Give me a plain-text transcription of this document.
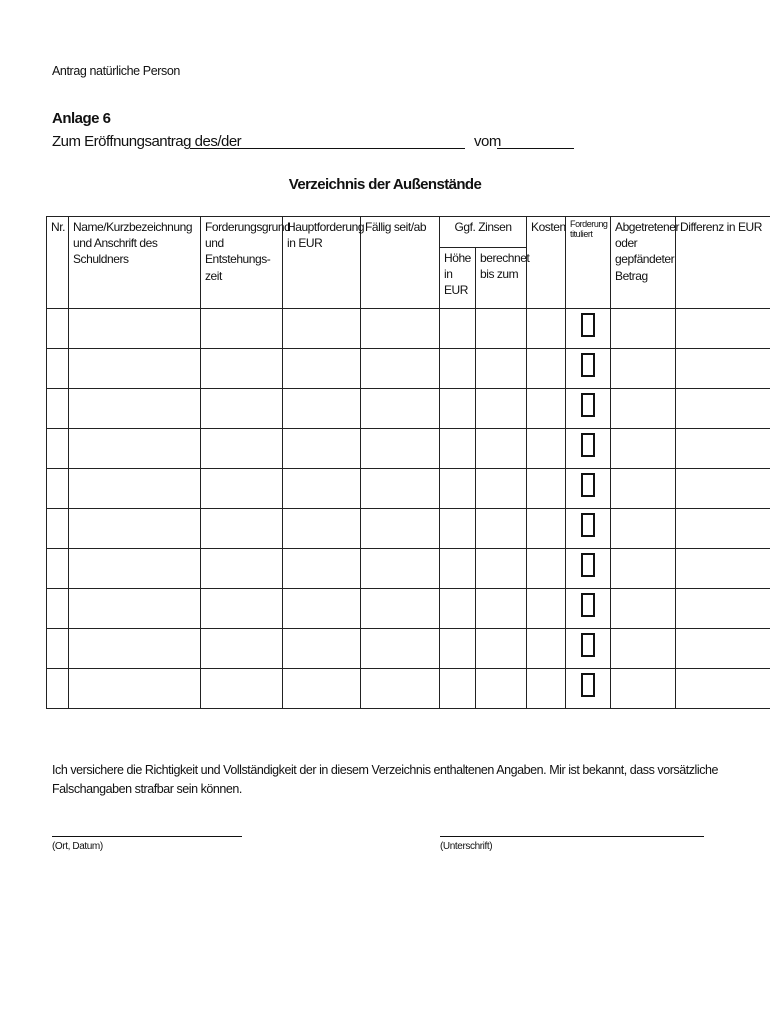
Antrag natürliche Person
Anlage 6
Zum Eröffnungsantrag des/der	vom
Verzeichnis der Außenstände
Nr.	Name/Kurzbezeichnung und Anschrift des Schuldners	Forderungsgrund und Entstehungs-zeit	Hauptforderung in EUR	Fällig seit/ab	Ggf. Zinsen		Kosten	Forderung tituliert	Abgetretener oder gepfändeter Betrag	Differenz in EUR
					Höhe in EUR	berechnet bis zum				

Ich versichere die Richtigkeit und Vollständigkeit der in diesem Verzeichnis enthaltenen Angaben. Mir ist bekannt, dass vorsätzliche Falschangaben strafbar sein können.
(Ort, Datum)	(Unterschrift)
